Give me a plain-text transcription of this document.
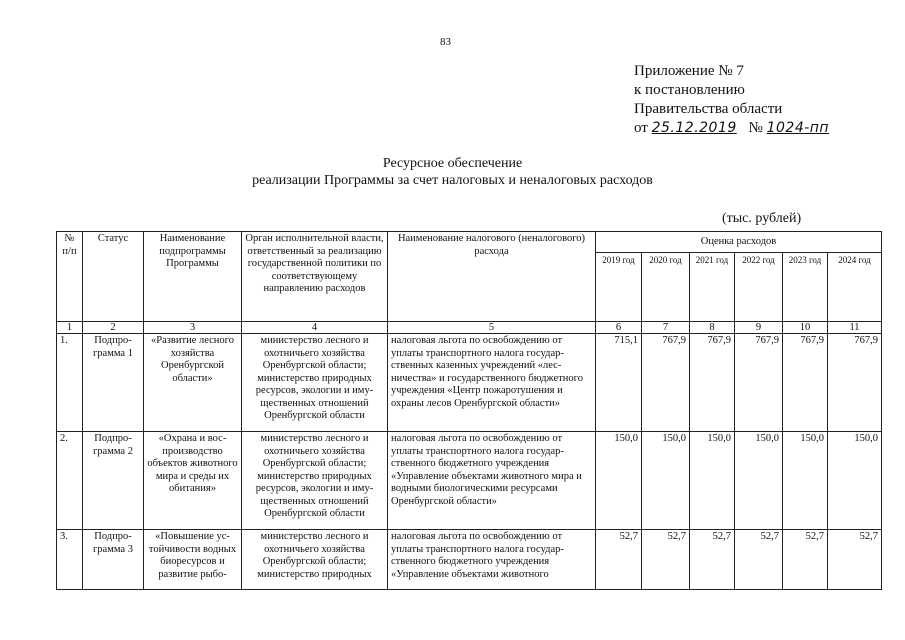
83
Приложение № 7
к постановлению
Правительства области
от 25.12.2019 № 1024-пп
Ресурсное обеспечение
реализации Программы за счет налоговых и неналоговых расходов
(тыс. рублей)
№ п/п	Статус	Наименование подпрограммы Программы	Орган исполнительной власти, ответственный за реализацию государственной политики по соответствующему направлению расходов	Наименование налогового (неналогового) расхода	Оценка расходов					
					2019 год	2020 год	2021 год	2022 год	2023 год	2024 год
1	2	3	4	5	6	7	8	9	10	11
1.	Подпрограмма 1	«Развитие лесного хозяйства Оренбургской области»	министерство лесного и охотничьего хозяйства Оренбургской области; министерство природных ресурсов, экологии и имущественных отношений Оренбургской области	налоговая льгота по освобождению от уплаты транспортного налога государственных казенных учреждений «лесничества» и государственного бюджетного учреждения «Центр пожаротушения и охраны лесов Оренбургской области»	715,1	767,9	767,9	767,9	767,9	767,9
2.	Подпрограмма 2	«Охрана и воспроизводство объектов животного мира и среды их обитания»	министерство лесного и охотничьего хозяйства Оренбургской области; министерство природных ресурсов, экологии и имущественных отношений Оренбургской области	налоговая льгота по освобождению от уплаты транспортного налога государственного бюджетного учреждения «Управление объектами животного мира и водными биологическими ресурсами Оренбургской области»	150,0	150,0	150,0	150,0	150,0	150,0
3.	Подпрограмма 3	«Повышение устойчивости водных биоресурсов и развитие рыбо-	министерство лесного и охотничьего хозяйства Оренбургской области; министерство природных	налоговая льгота по освобождению от уплаты транспортного налога государственного бюджетного учреждения «Управление объектами животного	52,7	52,7	52,7	52,7	52,7	52,7
